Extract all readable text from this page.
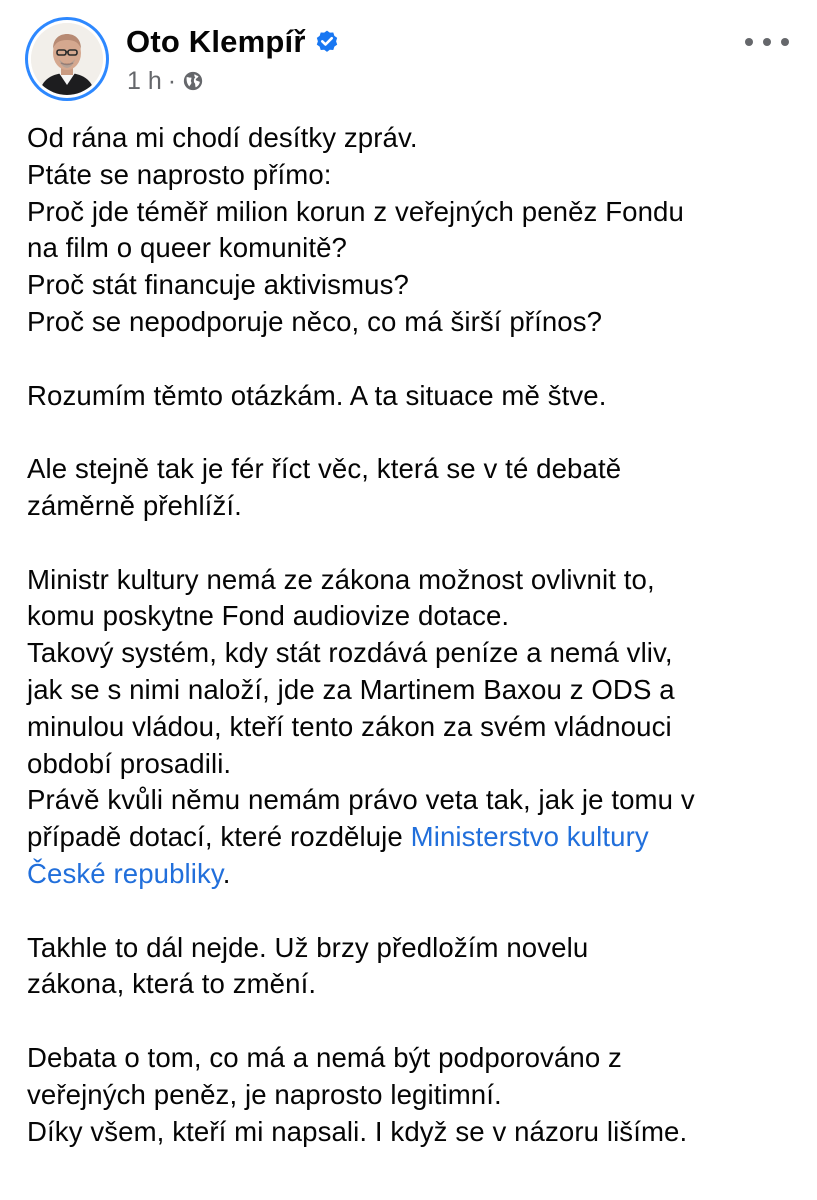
Oto Klempíř
1 h ·

Od rána mi chodí desítky zpráv.
Ptáte se naprosto přímo:
Proč jde téměř milion korun z veřejných peněz Fondu
na film o queer komunitě?
Proč stát financuje aktivismus?
Proč se nepodporuje něco, co má širší přínos?

Rozumím těmto otázkám. A ta situace mě štve.

Ale stejně tak je fér říct věc, která se v té debatě
záměrně přehlíží.

Ministr kultury nemá ze zákona možnost ovlivnit to,
komu poskytne Fond audiovize dotace.
Takový systém, kdy stát rozdává peníze a nemá vliv,
jak se s nimi naloží, jde za Martinem Baxou z ODS a
minulou vládou, kteří tento zákon za svém vládnouci
období prosadili.
Právě kvůli němu nemám právo veta tak, jak je tomu v
případě dotací, které rozděluje Ministerstvo kultury
České republiky.

Takhle to dál nejde. Už brzy předložím novelu
zákona, která to změní.

Debata o tom, co má a nemá být podporováno z
veřejných peněz, je naprosto legitimní.
Díky všem, kteří mi napsali. I když se v názoru lišíme.
